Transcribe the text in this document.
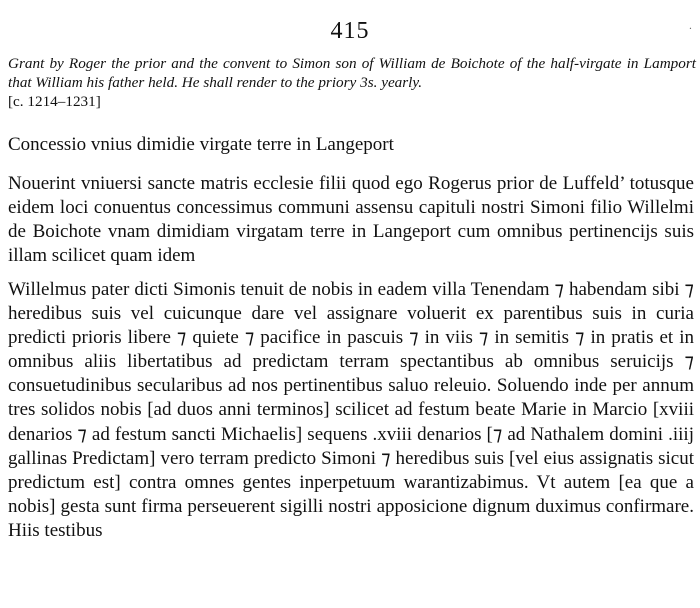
415	·

Grant by Roger the prior and the convent to Simon son of William de Boichote of the half-virgate in Lamport that William his father held. He shall render to the priory 3s. yearly.
[c. 1214–1231]

Concessio vnius dimidie virgate terre in Langeport

Nouerint vniuersi sancte matris ecclesie filii quod ego Rogerus prior de Luffeld’ totusque eidem loci conuentus concessimus communi assensu capituli nostri Simoni filio Willelmi de Boichote vnam dimidiam virgatam terre in Langeport cum omnibus pertinencijs suis illam scilicet quam idem

Willelmus pater dicti Simonis tenuit de nobis in eadem villa Tenendam ⁊ habendam sibi ⁊ heredibus suis vel cuicunque dare vel assignare voluerit ex parentibus suis in curia predicti prioris libere ⁊ quiete ⁊ pacifice in pascuis ⁊ in viis ⁊ in semitis ⁊ in pratis et in omnibus aliis libertatibus ad predictam terram spectantibus ab omnibus seruicijs ⁊ consuetudinibus secularibus ad nos pertinentibus saluo releuio. Soluendo inde per annum tres solidos nobis [ad duos anni terminos] scilicet ad festum beate Marie in Marcio [xviii denarios ⁊ ad festum sancti Michaelis] sequens .xviii denarios [⁊ ad Nathalem domini .iiij gallinas Predictam] vero terram predicto Simoni ⁊ heredibus suis [vel eius assignatis sicut predictum est] contra omnes gentes inperpetuum warantizabimus. Vt autem [ea que a nobis] gesta sunt firma perseuerent sigilli nostri apposicione dignum duximus confirmare. Hiis testibus
